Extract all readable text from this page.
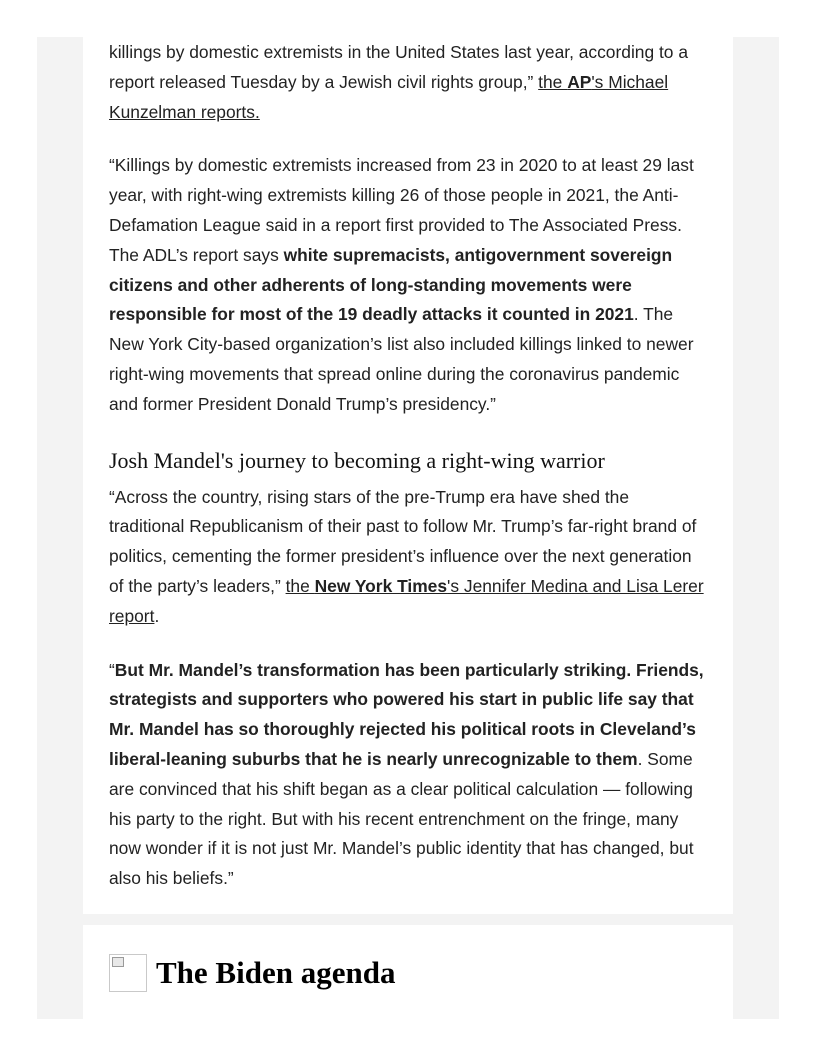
killings by domestic extremists in the United States last year, according to a report released Tuesday by a Jewish civil rights group,” the AP's Michael Kunzelman reports.

“Killings by domestic extremists increased from 23 in 2020 to at least 29 last year, with right-wing extremists killing 26 of those people in 2021, the Anti-Defamation League said in a report first provided to The Associated Press. The ADL’s report says white supremacists, antigovernment sovereign citizens and other adherents of long-standing movements were responsible for most of the 19 deadly attacks it counted in 2021. The New York City-based organization’s list also included killings linked to newer right-wing movements that spread online during the coronavirus pandemic and former President Donald Trump’s presidency.”

Josh Mandel's journey to becoming a right-wing warrior

“Across the country, rising stars of the pre-Trump era have shed the traditional Republicanism of their past to follow Mr. Trump’s far-right brand of politics, cementing the former president’s influence over the next generation of the party’s leaders,” the New York Times's Jennifer Medina and Lisa Lerer report.

“But Mr. Mandel’s transformation has been particularly striking. Friends, strategists and supporters who powered his start in public life say that Mr. Mandel has so thoroughly rejected his political roots in Cleveland’s liberal-leaning suburbs that he is nearly unrecognizable to them. Some are convinced that his shift began as a clear political calculation — following his party to the right. But with his recent entrenchment on the fringe, many now wonder if it is not just Mr. Mandel’s public identity that has changed, but also his beliefs.”

The Biden agenda
